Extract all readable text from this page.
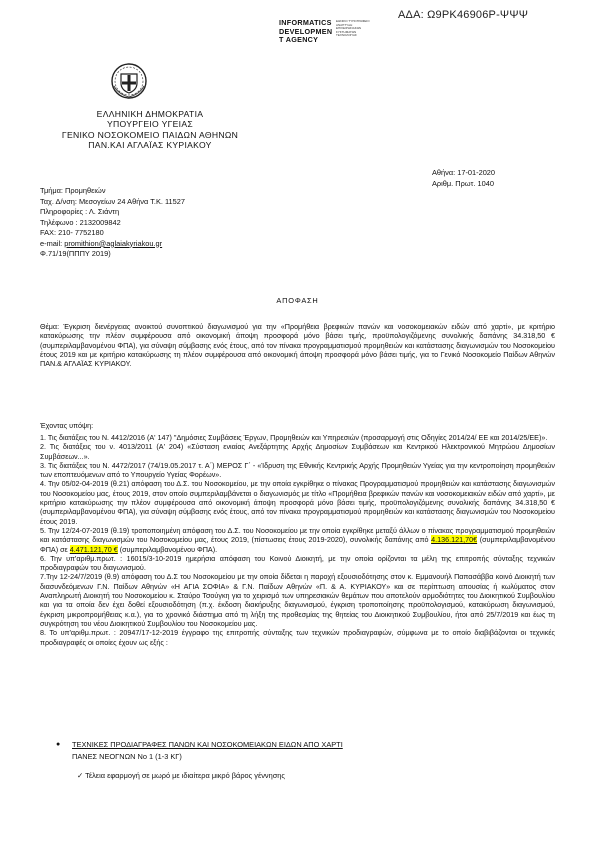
ΑΔΑ: Ω9ΡΚ46906Ρ-ΨΨΨ
INFORMATICS
DEVELOPMEN
T AGENCY
ΕΘΝΙΚΟ ΤΥΠΟΓΡΑΦΕΙΟ ΑΝΑΠΤΥΞΗ ΕΠΙΧΕΙΡΗΣΙΑΚΩΝ ΣΥΣΤΗΜΑΤΩΝ ΤΕΧΝΟΛΟΓΙΑΣ
ΕΛΛΗΝΙΚΗ ΔΗΜΟΚΡΑΤΙΑ
ΥΠΟΥΡΓΕΙΟ ΥΓΕΙΑΣ
ΓΕΝΙΚΟ ΝΟΣΟΚΟΜΕΙΟ ΠΑΙΔΩΝ ΑΘΗΝΩΝ
ΠΑΝ.ΚΑΙ ΑΓΛΑΪΑΣ ΚΥΡΙΑΚΟΥ
Αθήνα: 17-01-2020
Αριθμ. Πρωτ. 1040
Τμήμα: Προμηθειών
Ταχ. Δ/νση: Μεσογείων 24 Αθήνα Τ.Κ. 11527
Πληροφορίες : Λ. Σιάντη
Τηλέφωνο : 2132009842
FAX: 210- 7752180
e-mail: promithion@aglaiakyriakou.gr
Φ.71/19(ΠΠΠΥ 2019)
ΑΠΟΦΑΣΗ
Θέμα: Έγκριση διενέργειας ανοικτού συνοπτικού διαγωνισμού για την «Προμήθεια βρεφικών πανών και νοσοκομειακών ειδών από χαρτί», με κριτήριο κατακύρωσης την πλέον συμφέρουσα από οικονομική άποψη προσφορά μόνο βάσει τιμής, προϋπολογιζόμενης συνολικής δαπάνης 34.318,50 € (συμπεριλαμβανομένου ΦΠΑ), για σύναψη σύμβασης ενός έτους, από τον πίνακα προγραμματισμού προμηθειών και κατάστασης διαγωνισμών του Νοσοκομείου έτους 2019 και με κριτήριο κατακύρωσης τη πλέον συμφέρουσα από οικονομική άποψη προσφορά μόνο βάσει τιμής, για το Γενικό Νοσοκομείο Παίδων Αθηνών ΠΑΝ.& ΑΓΛΑΪΑΣ ΚΥΡΙΑΚΟΥ.
Έχοντας υπόψη:

1. Τις διατάξεις του Ν. 4412/2016 (Α' 147) "Δημόσιες Συμβάσεις Έργων, Προμηθειών και Υπηρεσιών (προσαρμογή στις Οδηγίες 2014/24/ ΕΕ και 2014/25/ΕΕ)».

2. Τις διατάξεις του ν. 4013/2011 (Α' 204) «Σύσταση ενιαίας Ανεξάρτητης Αρχής Δημοσίων Συμβάσεων και Κεντρικού Ηλεκτρονικού Μητρώου Δημοσίων Συμβάσεων...».

3. Τις διατάξεις του Ν. 4472/2017 (74/19.05.2017 τ. Α΄) ΜΕΡΟΣ Γ΄ - «Ίδρυση της Εθνικής Κεντρικής Αρχής Προμηθειών Υγείας για την κεντροποίηση προμηθειών των εποπτευόμενων από το Υπουργείο Υγείας Φορέων».

4. Την 05/02-04-2019 (θ.21) απόφαση του Δ.Σ. του Νοσοκομείου, με την οποία εγκρίθηκε ο πίνακας Προγραμματισμού προμηθειών και κατάστασης διαγωνισμών του Νοσοκομείου μας, έτους 2019, στον οποίο συμπεριλαμβάνεται ο διαγωνισμός με τίτλο «Προμήθεια βρεφικών πανών και νοσοκομειακών ειδών από χαρτί», με κριτήριο κατακύρωσης την πλέον συμφέρουσα από οικονομική άποψη προσφορά μόνο βάσει τιμής, προϋπολογιζόμενης συνολικής δαπάνης 34.318,50 € (συμπεριλαμβανομένου ΦΠΑ), για σύναψη σύμβασης ενός έτους, από τον πίνακα προγραμματισμού προμηθειών και κατάστασης διαγωνισμών του Νοσοκομείου έτους 2019.

5. Την 12/24-07-2019 (θ.19) τροποποιημένη απόφαση του Δ.Σ. του Νοσοκομείου με την οποία εγκρίθηκε μεταξύ άλλων ο πίνακας προγραμματισμού προμηθειών και κατάστασης διαγωνισμών του Νοσοκομείου μας, έτους 2019, (πίστωσεις έτους 2019-2020), συνολικής δαπάνης από 4.136.121,70€ (συμπεριλαμβανομένου ΦΠΑ) σε 4.471.121,70 € (συμπεριλαμβανομένου ΦΠΑ).

6. Την υπ'αριθμ.πρωτ. : 16015/3-10-2019 ημερήσια απόφαση του Κοινού Διοικητή, με την οποία ορίζονται τα μέλη της επιτροπής σύνταξης τεχνικών προδιαγραφών του διαγωνισμού.

7.Την 12-24/7/2019 (θ.9) απόφαση του Δ.Σ του Νοσοκομείου με την οποία δίδεται η παροχή εξουσιοδότησης στον κ. Εμμανουήλ Παπασάββα κοινό Διοικητή των διασυνδεόμενων Γ.Ν. Παίδων Αθηνών «Η ΑΓΙΑ ΣΟΦΙΑ» & Γ.Ν. Παίδων Αθηνών «Π. & Α. ΚΥΡΙΑΚΟΥ» και σε περίπτωση απουσίας ή κωλύματος στον Αναπληρωτή Διοικητή του Νοσοκομείου κ. Σταύρο Τσούγκη για το χειρισμό των υπηρεσιακών θεμάτων που αποτελούν αρμοδιότητες του Διοικητικού Συμβουλίου και για τα οποία δεν έχει δοθεί εξουσιοδότηση (π.χ. έκδοση διακήρυξης διαγωνισμού, έγκριση τροποποίησης προϋπολογισμού, κατακύρωση διαγωνισμού, έγκριση μικροπρομήθειας κ.α.), για το χρονικό διάστημα από τη λήξη της προθεσμίας της θητείας του Διοικητικού Συμβουλίου, ήτοι από 25/7/2019 και έως τη συγκρότηση του νέου Διοικητικού Συμβουλίου του Νοσοκομείου μας.

8. Το υπ'αριθμ.πρωτ. : 20947/17-12-2019 έγγραφο της επιτροπής σύνταξης των τεχνικών προδιαγραφών, σύμφωνα με το οποίο διαβιβάζονται οι τεχνικές προδιαγραφές οι οποίες έχουν ως εξής :

● ΤΕΧΝΙΚΕΣ ΠΡΟΔΙΑΓΡΑΦΕΣ ΠΑΝΩΝ ΚΑΙ ΝΟΣΟΚΟΜΕΙΑΚΩΝ ΕΙΔΩΝ ΑΠΟ ΧΑΡΤΙ
ΠΑΝΕΣ ΝΕΟΓΝΩΝ Νο 1 (1-3 ΚΓ)
✓ Τέλεια εφαρμογή σε μωρό με ιδιαίτερα μικρό βάρος γέννησης
